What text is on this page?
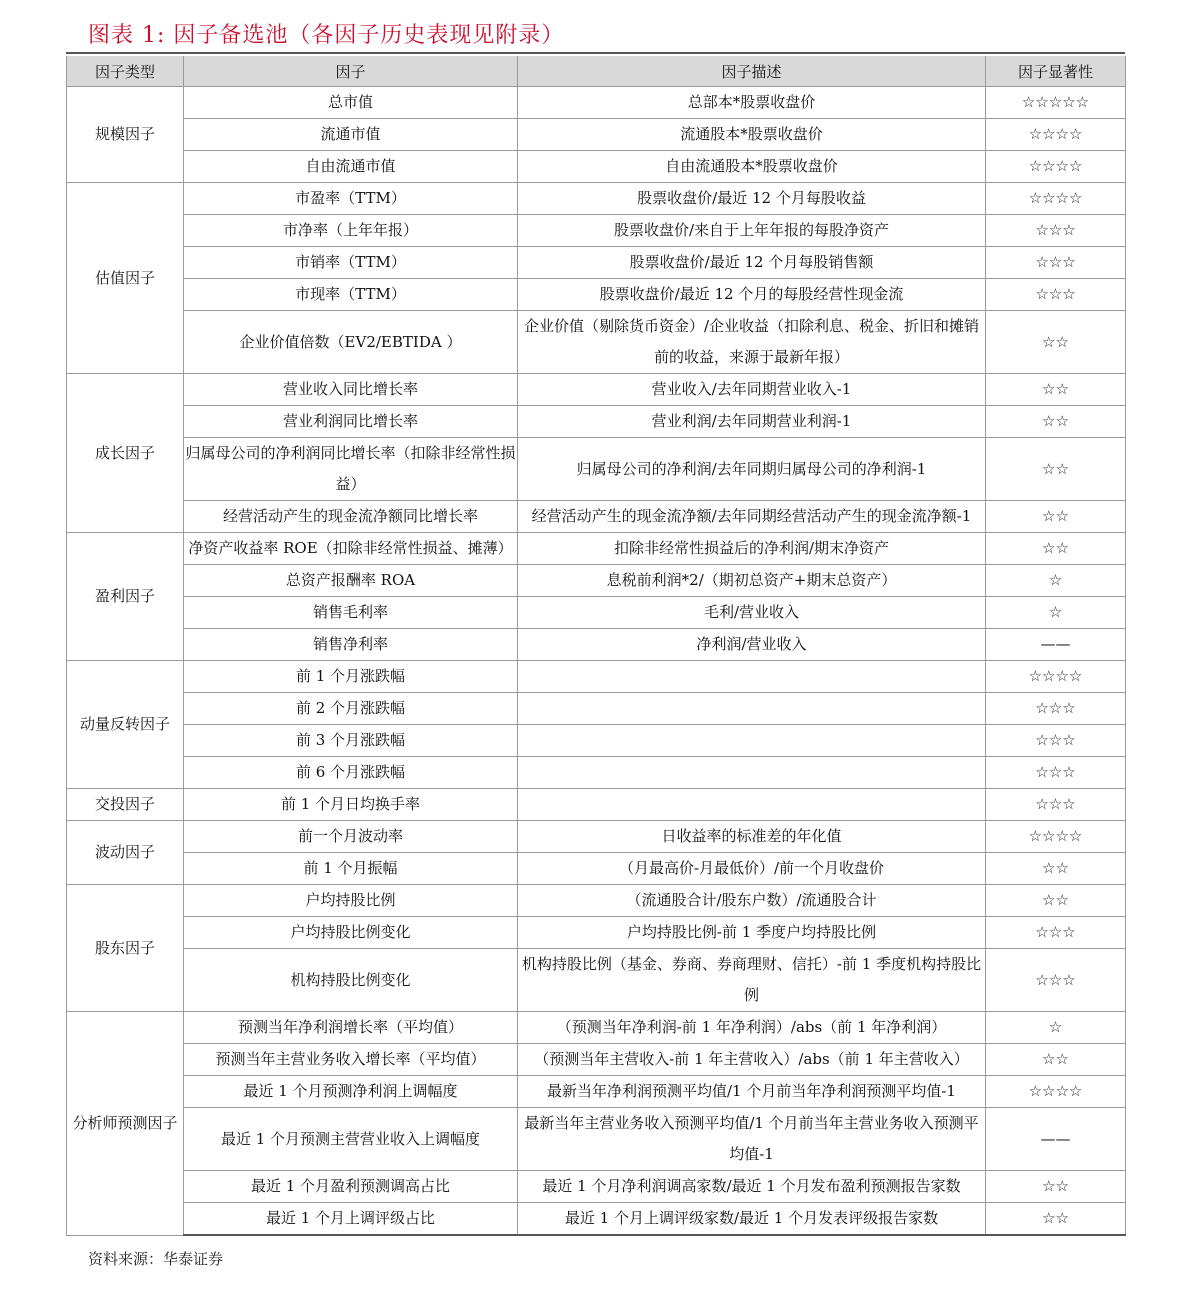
图表 1: 因子备选池（各因子历史表现见附录）
因子类型	因子	因子描述	因子显著性
规模因子	总市值	总部本*股票收盘价	☆☆☆☆☆
	流通市值	流通股本*股票收盘价	☆☆☆☆
	自由流通市值	自由流通股本*股票收盘价	☆☆☆☆
估值因子	市盈率（TTM）	股票收盘价/最近 12 个月每股收益	☆☆☆☆
	市净率（上年年报）	股票收盘价/来自于上年年报的每股净资产	☆☆☆
	市销率（TTM）	股票收盘价/最近 12 个月每股销售额	☆☆☆
	市现率（TTM）	股票收盘价/最近 12 个月的每股经营性现金流	☆☆☆
	企业价值倍数（EV2/EBTIDA ）	企业价值（剔除货币资金）/企业收益（扣除利息、税金、折旧和摊销前的收益，来源于最新年报）	☆☆
成长因子	营业收入同比增长率	营业收入/去年同期营业收入-1	☆☆
	营业利润同比增长率	营业利润/去年同期营业利润-1	☆☆
	归属母公司的净利润同比增长率（扣除非经常性损益）	归属母公司的净利润/去年同期归属母公司的净利润-1	☆☆
	经营活动产生的现金流净额同比增长率	经营活动产生的现金流净额/去年同期经营活动产生的现金流净额-1	☆☆
盈利因子	净资产收益率 ROE（扣除非经常性损益、摊薄）	扣除非经常性损益后的净利润/期末净资产	☆☆
	总资产报酬率 ROA	息税前利润*2/（期初总资产+期末总资产）	☆
	销售毛利率	毛利/营业收入	☆
	销售净利率	净利润/营业收入	——
动量反转因子	前 1 个月涨跌幅		☆☆☆☆
	前 2 个月涨跌幅		☆☆☆
	前 3 个月涨跌幅		☆☆☆
	前 6 个月涨跌幅		☆☆☆
交投因子	前 1 个月日均换手率		☆☆☆
波动因子	前一个月波动率	日收益率的标准差的年化值	☆☆☆☆
	前 1 个月振幅	（月最高价-月最低价）/前一个月收盘价	☆☆
股东因子	户均持股比例	（流通股合计/股东户数）/流通股合计	☆☆
	户均持股比例变化	户均持股比例-前 1 季度户均持股比例	☆☆☆
	机构持股比例变化	机构持股比例（基金、券商、券商理财、信托）-前 1 季度机构持股比例	☆☆☆
分析师预测因子	预测当年净利润增长率（平均值）	（预测当年净利润-前 1 年净利润）/abs（前 1 年净利润）	☆
	预测当年主营业务收入增长率（平均值）	（预测当年主营收入-前 1 年主营收入）/abs（前 1 年主营收入）	☆☆
	最近 1 个月预测净利润上调幅度	最新当年净利润预测平均值/1 个月前当年净利润预测平均值-1	☆☆☆☆
	最近 1 个月预测主营营业收入上调幅度	最新当年主营业务收入预测平均值/1 个月前当年主营业务收入预测平均值-1	——
	最近 1 个月盈利预测调高占比	最近 1 个月净利润调高家数/最近 1 个月发布盈利预测报告家数	☆☆
	最近 1 个月上调评级占比	最近 1 个月上调评级家数/最近 1 个月发表评级报告家数	☆☆
资料来源：华泰证券
